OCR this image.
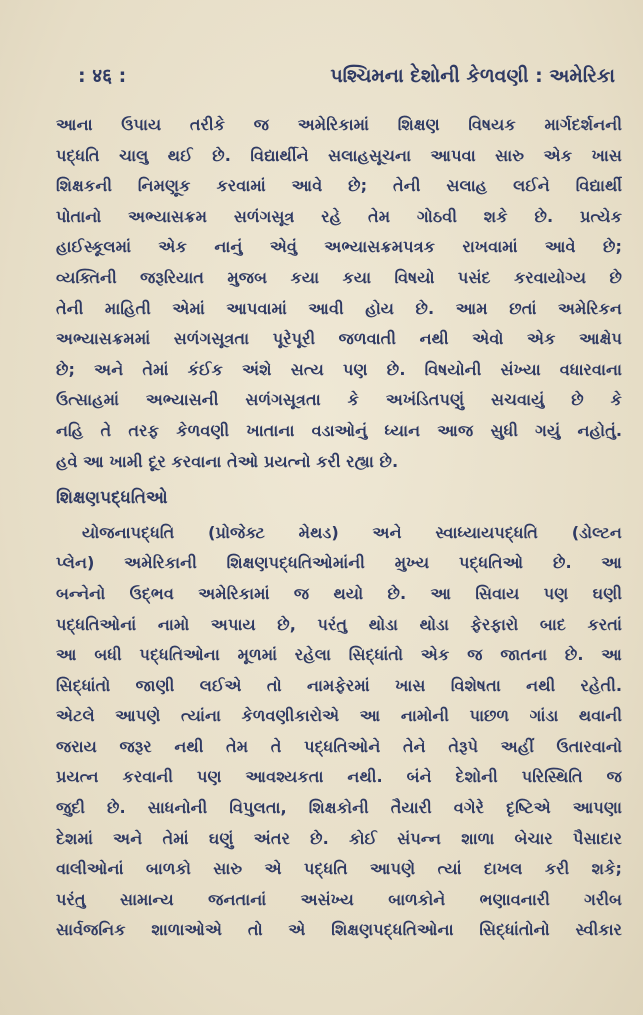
: ४६ :	પશ્ચિમના દેશોની કેળવણી : અમેરિકા
આના ઉપાય તરીકે જ અમેરિકામાં શિક્ષણ વિષયક માર્ગદર્શનની
પદ્ધતિ ચાલુ થઈ છે. વિદ્યાર્થીને સલાહસૂચના આપવા સારુ એક ખાસ
શિક્ષકની નિમણૂક કરવામાં આવે છે; તેની સલાહ લઈને વિદ્યાર્થી
પોતાનો અભ્યાસક્રમ સળંગસૂત્ર રહે તેમ ગોઠવી શકે છે. પ્રત્યેક
હાઈસ્કૂલમાં એક નાનું એવું અભ્યાસક્રમપત્રક રાખવામાં આવે છે;
વ્યક્તિની જરૂરિયાત મુજબ કયા કયા વિષયો પસંદ કરવાયોગ્ય છે
તેની માહિતી એમાં આપવામાં આવી હોય છે. આમ છતાં અમેરિકન
અભ્યાસક્રમમાં સળંગસૂત્રતા પૂરેપૂરી જળવાતી નથી એવો એક આક્ષેપ
છે; અને તેમાં કંઈક અંશે સત્ય પણ છે. વિષયોની સંખ્યા વધારવાના
ઉત્સાહમાં અભ્યાસની સળંગસૂત્રતા કે અખંડિતપણું સચવાયું છે કે
નહિ તે તરફ કેળવણી ખાતાના વડાઓનું ધ્યાન આજ સુધી ગયું નહોતું.
હવે આ ખામી દૂર કરવાના તેઓ પ્રયત્નો કરી રહ્યા છે.
શિક્ષણપદ્ધતિઓ
યોજનાપદ્ધતિ (પ્રોજેક્ટ મેથડ) અને સ્વાધ્યાયપદ્ધતિ (ડોલ્ટન
પ્લેન) અમેરિકાની શિક્ષણપદ્ધતિઓમાંની મુખ્ય પદ્ધતિઓ છે. આ
બન્નેનો ઉદ્ભવ અમેરિકામાં જ થયો છે. આ સિવાય પણ ઘણી
પદ્ધતિઓનાં નામો અપાય છે, પરંતુ થોડા થોડા ફેરફારો બાદ કરતાં
આ બધી પદ્ધતિઓના મૂળમાં રહેલા સિદ્ધાંતો એક જ જાતના છે. આ
સિદ્ધાંતો જાણી લઈએ તો નામફેરમાં ખાસ વિશેષતા નથી રહેતી.
એટલે આપણે ત્યાંના કેળવણીકારોએ આ નામોની પાછળ ગાંડા થવાની
જરાય જરૂર નથી તેમ તે પદ્ધતિઓને તેને તેરૂપે અહીં ઉતારવાનો
પ્રયત્ન કરવાની પણ આવશ્યકતા નથી. બંને દેશોની પરિસ્થિતિ જ
જુદી છે. સાધનોની વિપુલતા, શિક્ષકોની તૈયારી વગેરે દૃષ્ટિએ આપણા
દેશમાં અને તેમાં ઘણું અંતર છે. કોઈ સંપન્ન શાળા બેચાર પૈસાદાર
વાલીઓનાં બાળકો સારુ એ પદ્ધતિ આપણે ત્યાં દાખલ કરી શકે;
પરંતુ સામાન્ય જનતાનાં અસંખ્ય બાળકોને ભણાવનારી ગરીબ
સાર્વજનિક શાળાઓએ તો એ શિક્ષણપદ્ધતિઓના સિદ્ધાંતોનો સ્વીકાર
